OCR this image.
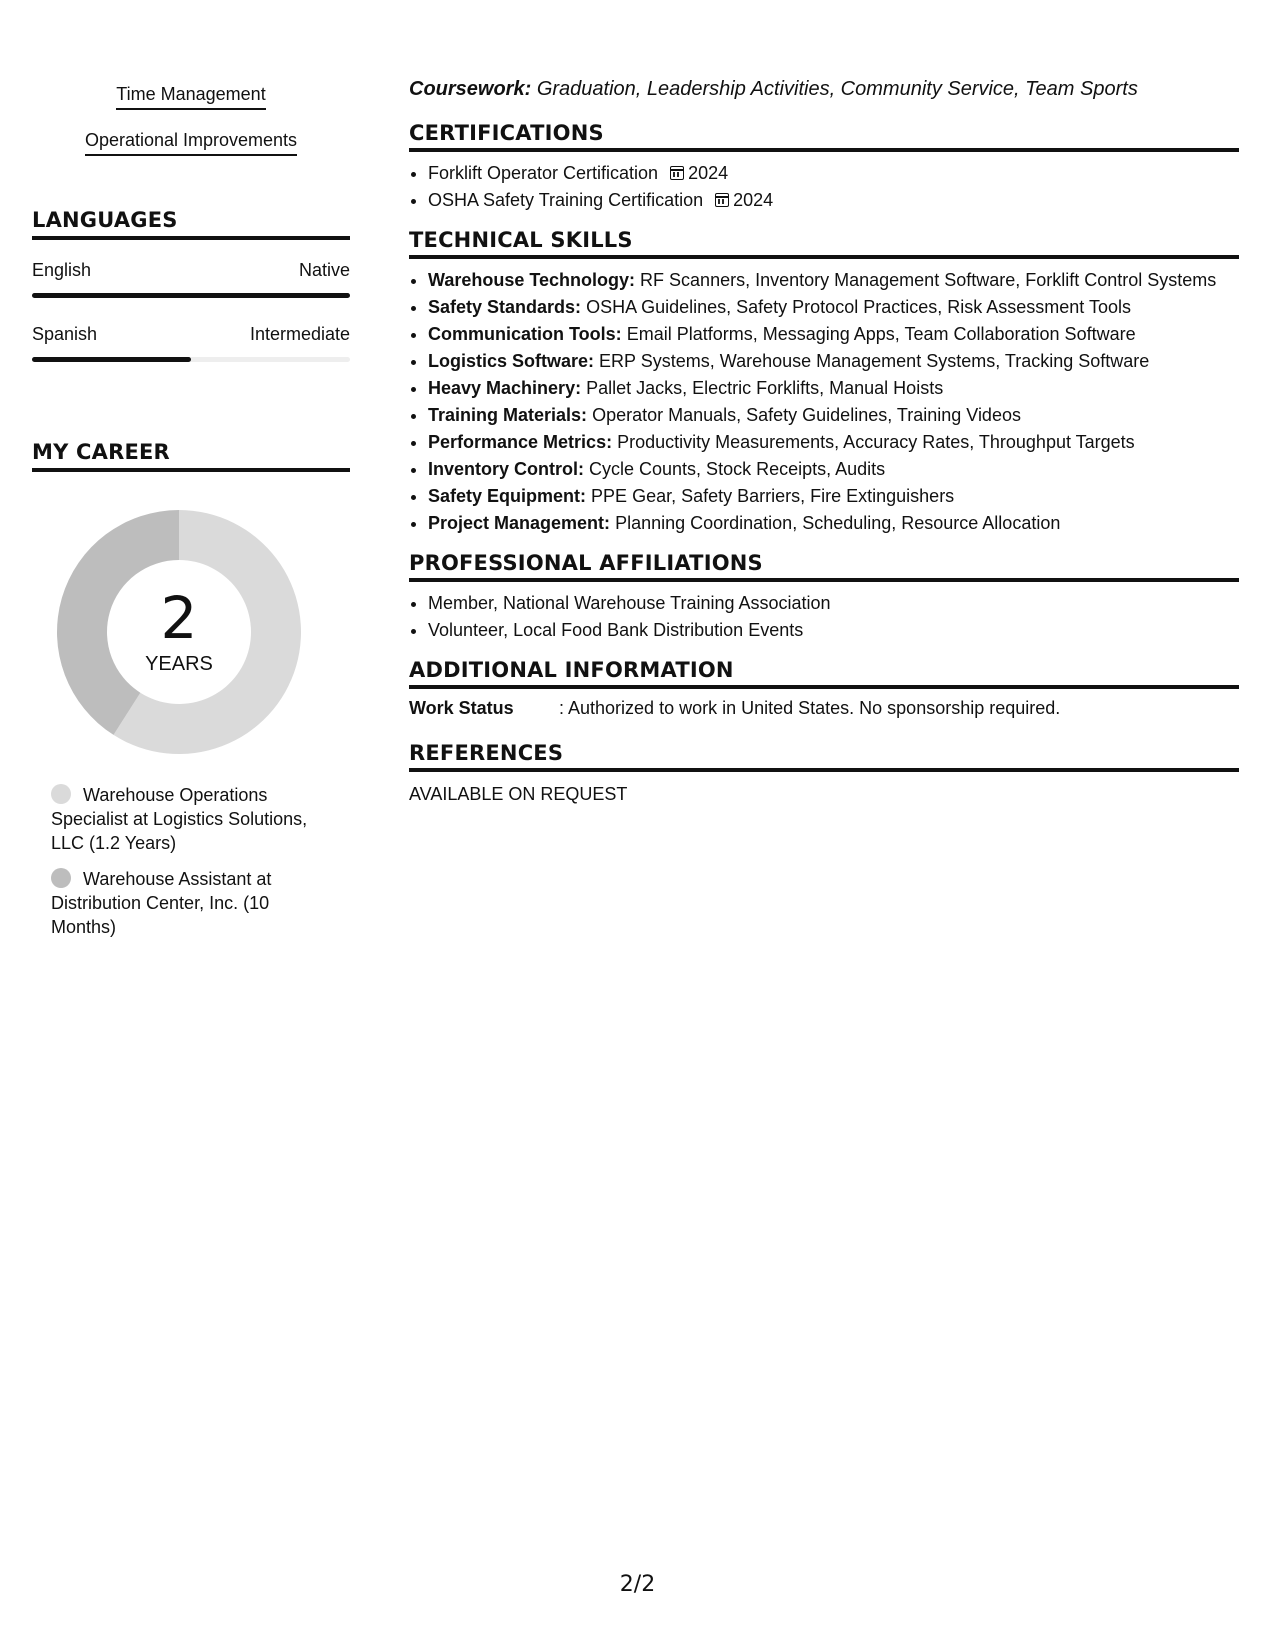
Time Management
Operational Improvements
LANGUAGES
English	Native
Spanish	Intermediate
MY CAREER
2
YEARS
Warehouse Operations Specialist at Logistics Solutions, LLC (1.2 Years)
Warehouse Assistant at Distribution Center, Inc. (10 Months)
Coursework: Graduation, Leadership Activities, Community Service, Team Sports
CERTIFICATIONS
• Forklift Operator Certification 2024
• OSHA Safety Training Certification 2024
TECHNICAL SKILLS
• Warehouse Technology: RF Scanners, Inventory Management Software, Forklift Control Systems
• Safety Standards: OSHA Guidelines, Safety Protocol Practices, Risk Assessment Tools
• Communication Tools: Email Platforms, Messaging Apps, Team Collaboration Software
• Logistics Software: ERP Systems, Warehouse Management Systems, Tracking Software
• Heavy Machinery: Pallet Jacks, Electric Forklifts, Manual Hoists
• Training Materials: Operator Manuals, Safety Guidelines, Training Videos
• Performance Metrics: Productivity Measurements, Accuracy Rates, Throughput Targets
• Inventory Control: Cycle Counts, Stock Receipts, Audits
• Safety Equipment: PPE Gear, Safety Barriers, Fire Extinguishers
• Project Management: Planning Coordination, Scheduling, Resource Allocation
PROFESSIONAL AFFILIATIONS
• Member, National Warehouse Training Association
• Volunteer, Local Food Bank Distribution Events
ADDITIONAL INFORMATION
Work Status	: Authorized to work in United States. No sponsorship required.
REFERENCES
AVAILABLE ON REQUEST
2/2
